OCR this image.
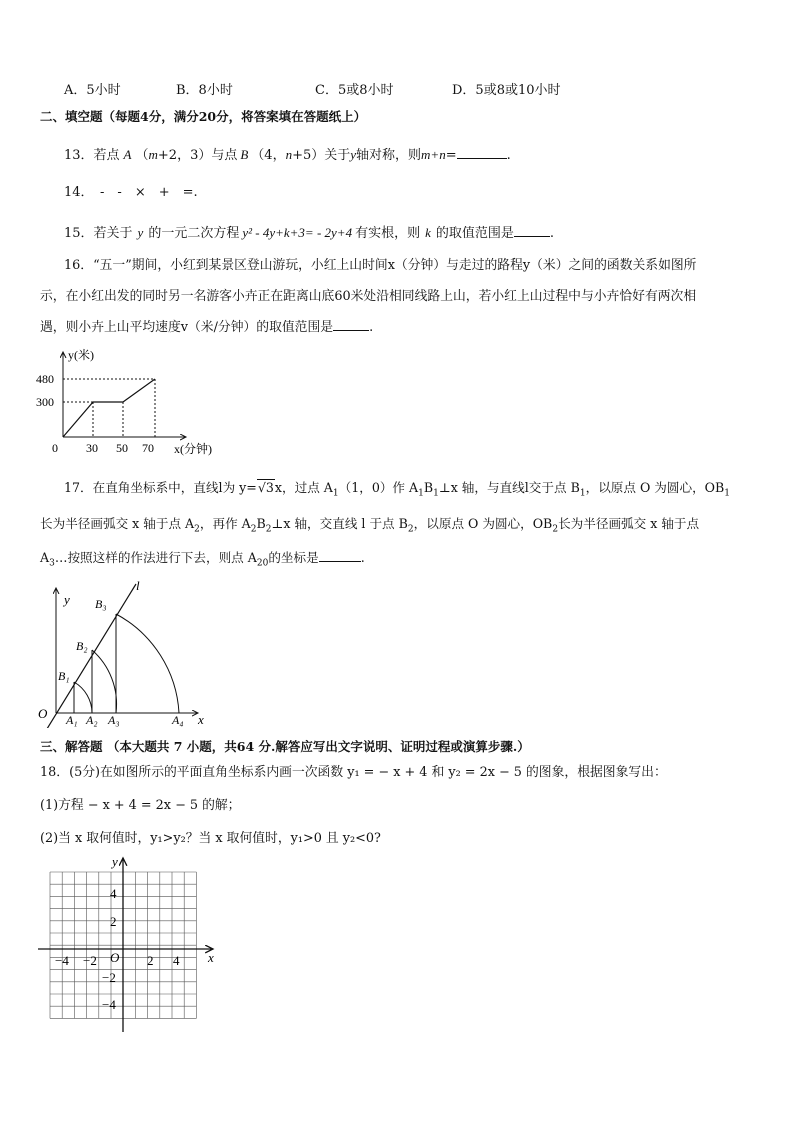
A．5小时	B．8小时	C．5或8小时	D．5或8或10小时
二、填空题（每题4分，满分20分，将答案填在答题纸上）
13．若点 A （m+2，3）与点 B （4，n+5）关于y轴对称，则m+n=	.
14．　-　-　×　+　=.
15．若关于 y 的一元二次方程 y² - 4y+k+3= - 2y+4 有实根，则 k 的取值范围是	.
16．“五一”期间，小红到某景区登山游玩，小红上山时间x（分钟）与走过的路程y（米）之间的函数关系如图所
示，在小红出发的同时另一名游客小卉正在距离山底60米处沿相同线路上山，若小红上山过程中与小卉恰好有两次相
遇，则小卉上山平均速度v（米/分钟）的取值范围是	.
y(米)
x(分钟)
480
300
0 30 50 70
17．在直角坐标系中，直线l为 y=√3x，过点 $A_1(1$，0）作 $A_1B_1\perp x$ 轴，与直线l交于点 $B_1$，以原点 O 为圆心，$OB_1$
长为半径画弧交 x 轴于点 $A_2$，再作 $A_2B_2\perp x$ 轴，交直线 l 于点 $B_2$，以原点 O 为圆心，$OB_2$长为半径画弧交 x 轴于点
$A_3\dots$按照这样的作法进行下去，则点 $A_{20}$的坐标是	.
y
l
B₃
B₂
B₁
O A₁ A₂ A₃	A₄ x
三、解答题 （本大题共 7 小题，共64 分.解答应写出文字说明、证明过程或演算步骤.）
18．(5分)在如图所示的平面直角坐标系内画一次函数 y₁ = − x + 4 和 y₂ = 2x − 5 的图象，根据图象写出：
(1)方程 − x + 4 = 2x − 5 的解；
(2)当 x 取何值时，y₁>y₂？当 x 取何值时，y₁>0 且 y₂<0?
y
x
O
−4 −2	2 4
4
2
−2
−4
